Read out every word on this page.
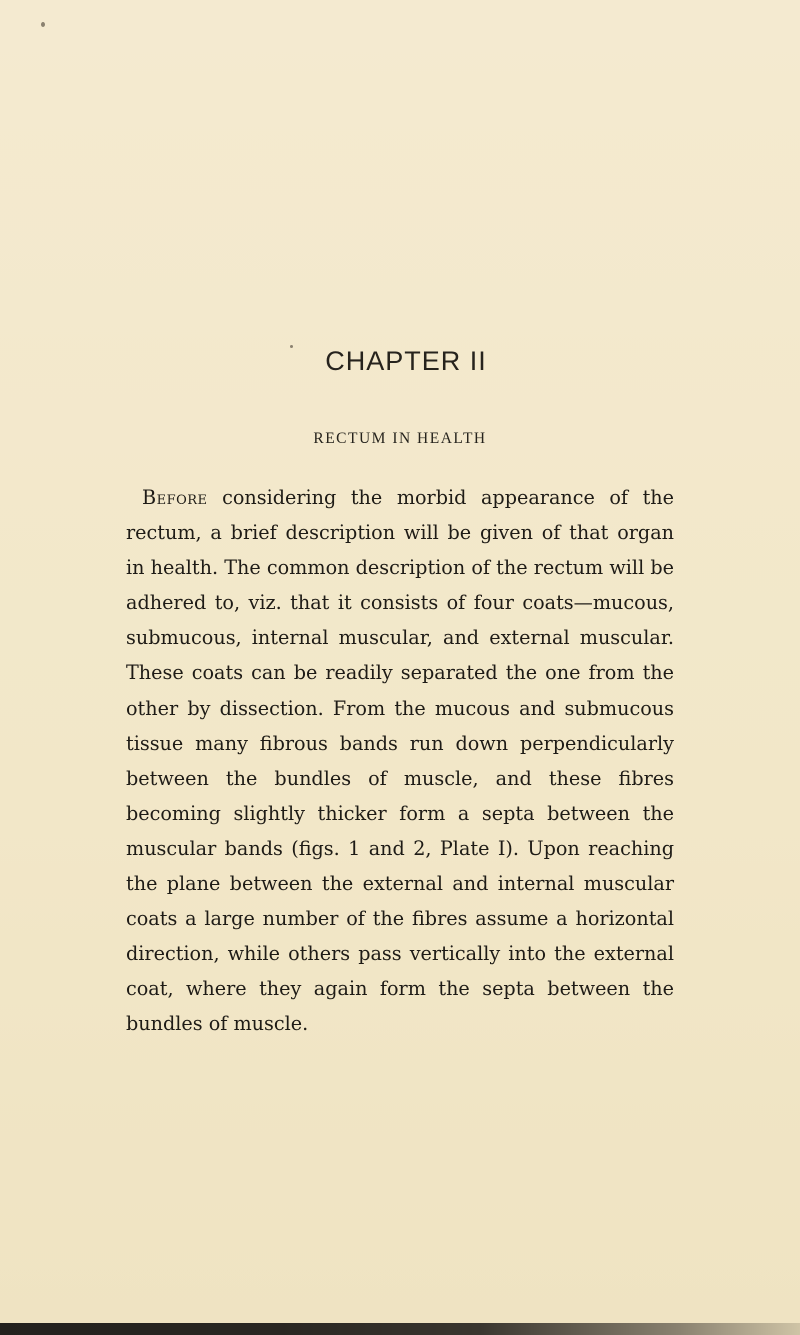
CHAPTER II
RECTUM IN HEALTH

Before considering the morbid appearance of the rectum, a brief description will be given of that organ in health. The common description of the rectum will be adhered to, viz. that it consists of four coats—mucous, submucous, internal muscular, and external muscular. These coats can be readily separated the one from the other by dissection. From the mucous and submucous tissue many fibrous bands run down perpendicularly between the bundles of muscle, and these fibres becoming slightly thicker form a septa between the muscular bands (figs. 1 and 2, Plate I). Upon reaching the plane between the external and internal muscular coats a large number of the fibres assume a horizontal direction, while others pass vertically into the external coat, where they again form the septa between the bundles of muscle.
